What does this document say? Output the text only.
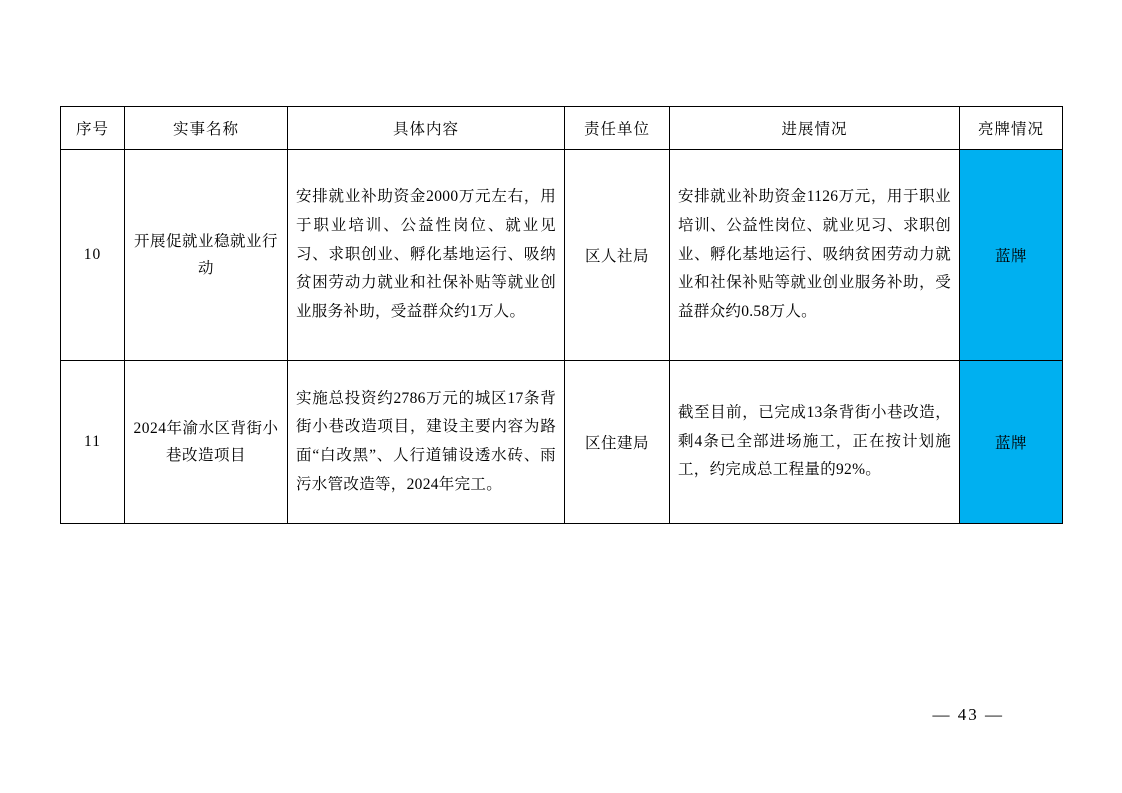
序号	实事名称	具体内容	责任单位	进展情况	亮牌情况
10	开展促就业稳就业行动	安排就业补助资金2000万元左右，用于职业培训、公益性岗位、就业见习、求职创业、孵化基地运行、吸纳贫困劳动力就业和社保补贴等就业创业服务补助，受益群众约1万人。	区人社局	安排就业补助资金1126万元，用于职业培训、公益性岗位、就业见习、求职创业、孵化基地运行、吸纳贫困劳动力就业和社保补贴等就业创业服务补助，受益群众约0.58万人。	蓝牌
11	2024年渝水区背街小巷改造项目	实施总投资约2786万元的城区17条背街小巷改造项目，建设主要内容为路面“白改黑”、人行道铺设透水砖、雨污水管改造等，2024年完工。	区住建局	截至目前，已完成13条背街小巷改造，剩4条已全部进场施工，正在按计划施工，约完成总工程量的92%。	蓝牌
— 43 —
